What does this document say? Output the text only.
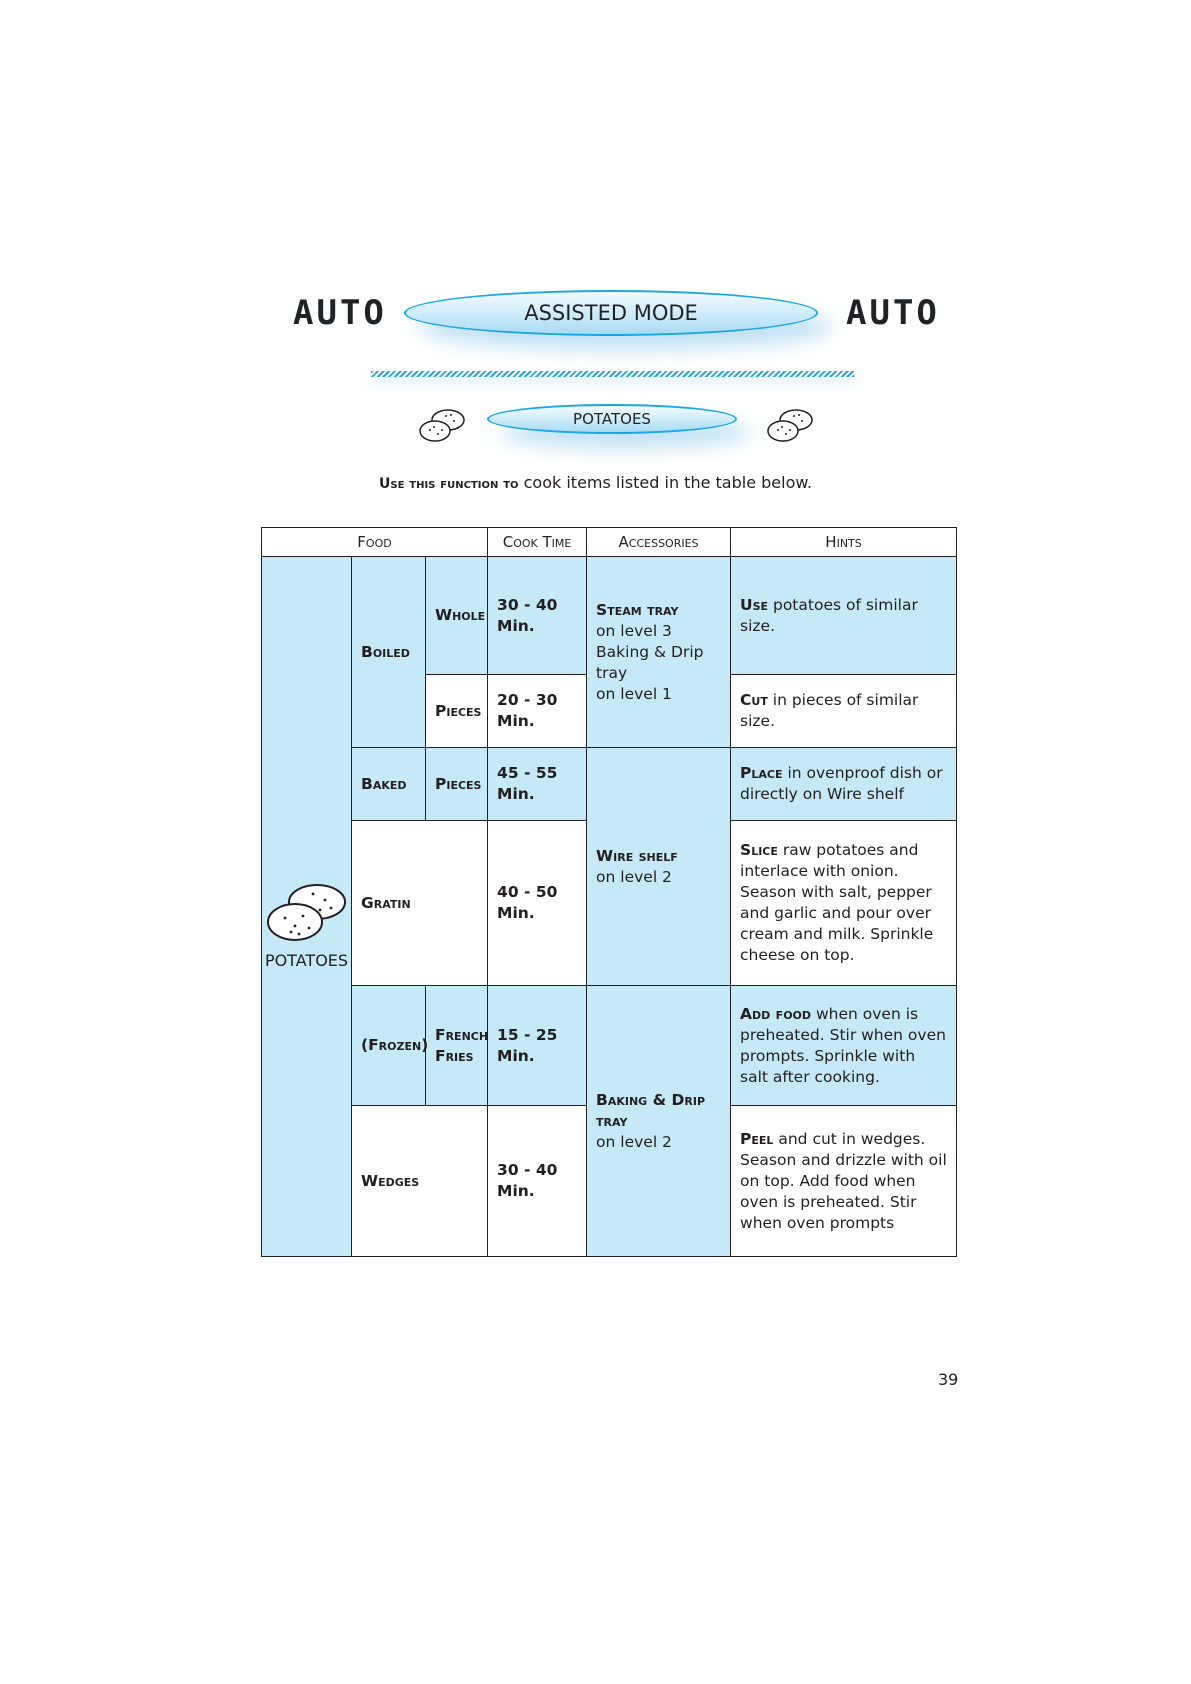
AUTO	ASSISTED MODE	AUTO
POTATOES
Use this function to cook items listed in the table below.
Food			Cook Time	Accessories	Hints

POTATOES	Boiled	Whole	30 - 40 Min.	Steam tray
on level 3
Baking & Drip tray
on level 1	Use potatoes of similar size.
		Pieces	20 - 30 Min.		Cut in pieces of similar size.
	Baked	Pieces	45 - 55 Min.	Wire shelf
on level 2	Place in ovenproof dish or directly on Wire shelf
	Gratin		40 - 50 Min.		Slice raw potatoes and interlace with onion. Season with salt, pepper and garlic and pour over cream and milk. Sprinkle cheese on top.
	(Frozen)	French Fries	15 - 25 Min.	Baking & Drip tray
on level 2	Add food when oven is preheated. Stir when oven prompts. Sprinkle with salt after cooking.
	Wedges		30 - 40 Min.		Peel and cut in wedges. Season and drizzle with oil on top. Add food when oven is preheated. Stir when oven prompts
39
